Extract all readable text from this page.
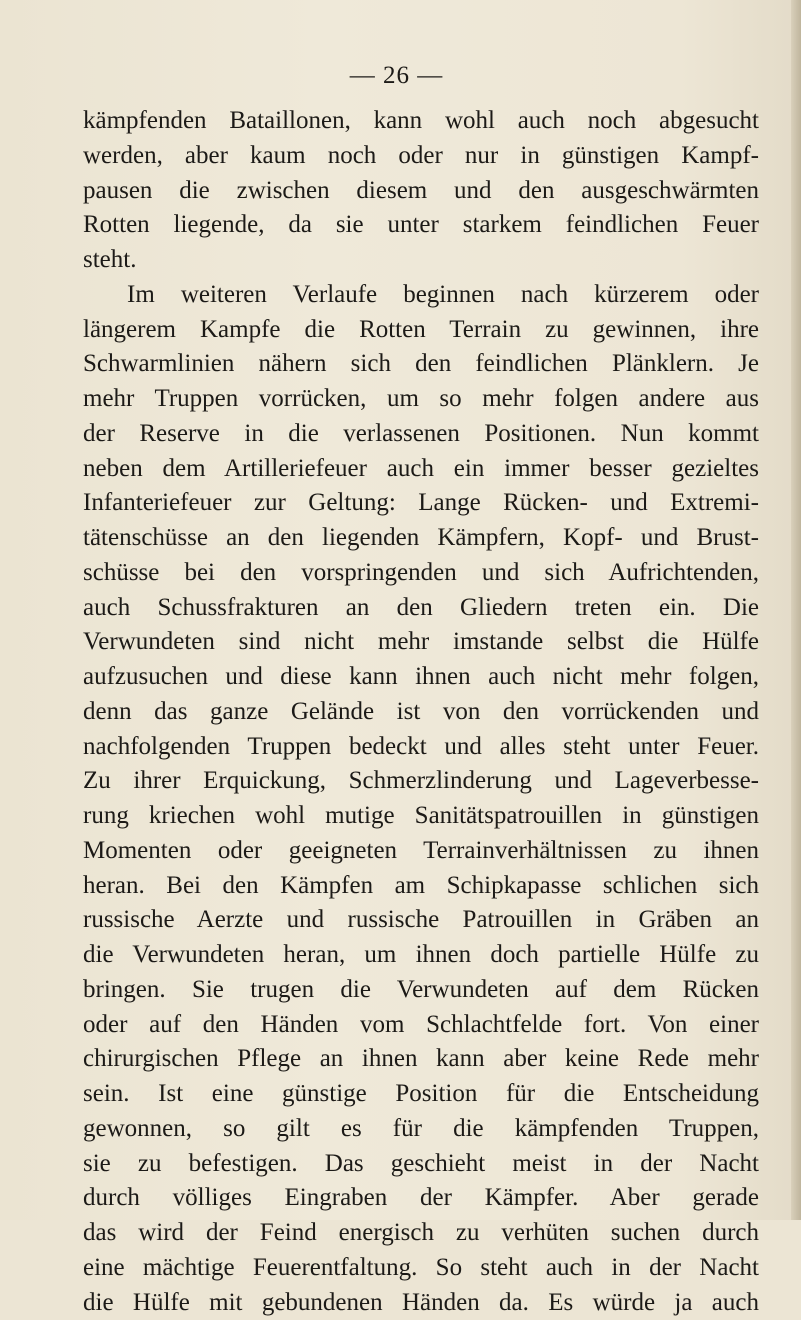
— 26 —
kämpfenden Bataillonen, kann wohl auch noch abgesucht
werden, aber kaum noch oder nur in günstigen Kampf-
pausen die zwischen diesem und den ausgeschwärmten
Rotten liegende, da sie unter starkem feindlichen Feuer
steht.
Im weiteren Verlaufe beginnen nach kürzerem oder
längerem Kampfe die Rotten Terrain zu gewinnen, ihre
Schwarmlinien nähern sich den feindlichen Plänklern. Je
mehr Truppen vorrücken, um so mehr folgen andere aus
der Reserve in die verlassenen Positionen. Nun kommt
neben dem Artilleriefeuer auch ein immer besser gezieltes
Infanteriefeuer zur Geltung: Lange Rücken- und Extremi-
tätenschüsse an den liegenden Kämpfern, Kopf- und Brust-
schüsse bei den vorspringenden und sich Aufrichtenden,
auch Schussfrakturen an den Gliedern treten ein. Die
Verwundeten sind nicht mehr imstande selbst die Hülfe
aufzusuchen und diese kann ihnen auch nicht mehr folgen,
denn das ganze Gelände ist von den vorrückenden und
nachfolgenden Truppen bedeckt und alles steht unter Feuer.
Zu ihrer Erquickung, Schmerzlinderung und Lageverbesse-
rung kriechen wohl mutige Sanitätspatrouillen in günstigen
Momenten oder geeigneten Terrainverhältnissen zu ihnen
heran. Bei den Kämpfen am Schipkapasse schlichen sich
russische Aerzte und russische Patrouillen in Gräben an
die Verwundeten heran, um ihnen doch partielle Hülfe zu
bringen. Sie trugen die Verwundeten auf dem Rücken
oder auf den Händen vom Schlachtfelde fort. Von einer
chirurgischen Pflege an ihnen kann aber keine Rede mehr
sein. Ist eine günstige Position für die Entscheidung
gewonnen, so gilt es für die kämpfenden Truppen,
sie zu befestigen. Das geschieht meist in der Nacht
durch völliges Eingraben der Kämpfer. Aber gerade
das wird der Feind energisch zu verhüten suchen durch
eine mächtige Feuerentfaltung. So steht auch in der Nacht
die Hülfe mit gebundenen Händen da. Es würde ja auch
